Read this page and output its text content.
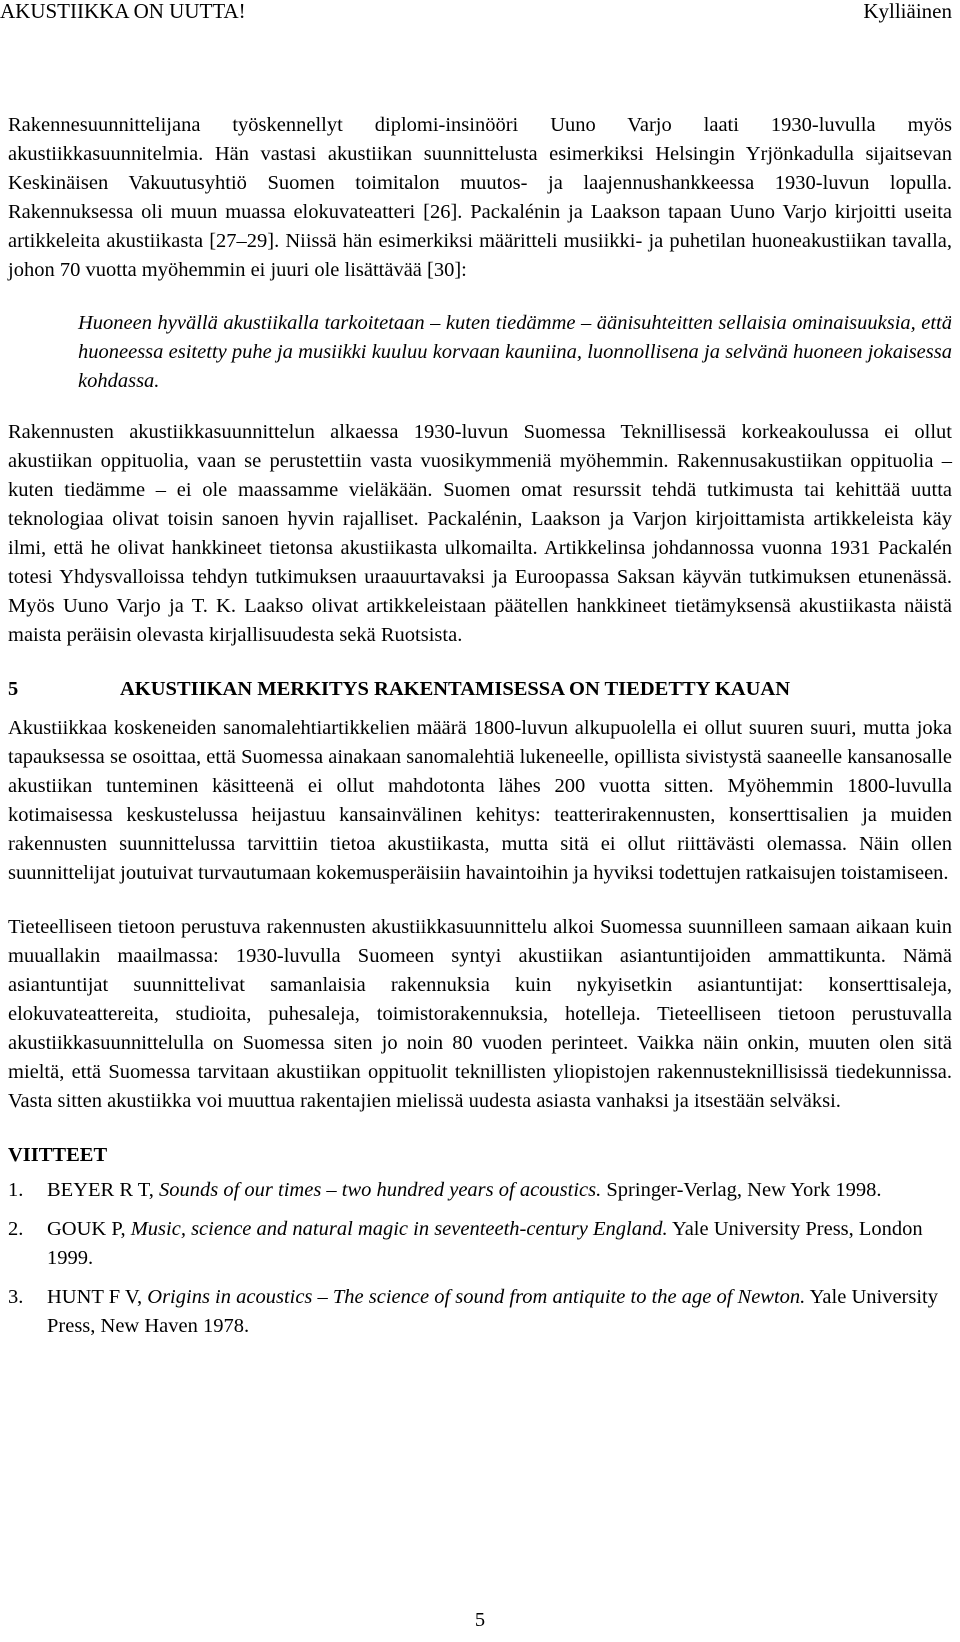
AKUSTIIKKA ON UUTTA!	Kylliäinen

Rakennesuunnittelijana työskennellyt diplomi-insinööri Uuno Varjo laati 1930-luvulla myös akustiikkasuunnitelmia. Hän vastasi akustiikan suunnittelusta esimerkiksi Helsingin Yrjönkadulla sijaitsevan Keskinäisen Vakuutusyhtiö Suomen toimitalon muutos- ja laajennushankkeessa 1930-luvun lopulla. Rakennuksessa oli muun muassa elokuvateatteri [26]. Packalénin ja Laakson tapaan Uuno Varjo kirjoitti useita artikkeleita akustiikasta [27–29]. Niissä hän esimerkiksi määritteli musiikki- ja puhetilan huoneakustiikan tavalla, johon 70 vuotta myöhemmin ei juuri ole lisättävää [30]:

Huoneen hyvällä akustiikalla tarkoitetaan – kuten tiedämme – äänisuhteitten sellaisia ominaisuuksia, että huoneessa esitetty puhe ja musiikki kuuluu korvaan kauniina, luonnollisena ja selvänä huoneen jokaisessa kohdassa.

Rakennusten akustiikkasuunnittelun alkaessa 1930-luvun Suomessa Teknillisessä korkeakoulussa ei ollut akustiikan oppituolia, vaan se perustettiin vasta vuosikymmeniä myöhemmin. Rakennusakustiikan oppituolia – kuten tiedämme – ei ole maassamme vieläkään. Suomen omat resurssit tehdä tutkimusta tai kehittää uutta teknologiaa olivat toisin sanoen hyvin rajalliset. Packalénin, Laakson ja Varjon kirjoittamista artikkeleista käy ilmi, että he olivat hankkineet tietonsa akustiikasta ulkomailta. Artikkelinsa johdannossa vuonna 1931 Packalén totesi Yhdysvalloissa tehdyn tutkimuksen uraauurtavaksi ja Euroopassa Saksan käyvän tutkimuksen etunenässä. Myös Uuno Varjo ja T. K. Laakso olivat artikkeleistaan päätellen hankkineet tietämyksensä akustiikasta näistä maista peräisin olevasta kirjallisuudesta sekä Ruotsista.

5	AKUSTIIKAN MERKITYS RAKENTAMISESSA ON TIEDETTY KAUAN

Akustiikkaa koskeneiden sanomalehtiartikkelien määrä 1800-luvun alkupuolella ei ollut suuren suuri, mutta joka tapauksessa se osoittaa, että Suomessa ainakaan sanomalehtiä lukeneelle, opillista sivistystä saaneelle kansanosalle akustiikan tunteminen käsitteenä ei ollut mahdotonta lähes 200 vuotta sitten. Myöhemmin 1800-luvulla kotimaisessa keskustelussa heijastuu kansainvälinen kehitys: teatterirakennusten, konserttisalien ja muiden rakennusten suunnittelussa tarvittiin tietoa akustiikasta, mutta sitä ei ollut riittävästi olemassa. Näin ollen suunnittelijat joutuivat turvautumaan kokemusperäisiin havaintoihin ja hyviksi todettujen ratkaisujen toistamiseen.

Tieteelliseen tietoon perustuva rakennusten akustiikkasuunnittelu alkoi Suomessa suunnilleen samaan aikaan kuin muuallakin maailmassa: 1930-luvulla Suomeen syntyi akustiikan asiantuntijoiden ammattikunta. Nämä asiantuntijat suunnittelivat samanlaisia rakennuksia kuin nykyisetkin asiantuntijat: konserttisaleja, elokuvateattereita, studioita, puhesaleja, toimistorakennuksia, hotelleja. Tieteelliseen tietoon perustuvalla akustiikkasuunnittelulla on Suomessa siten jo noin 80 vuoden perinteet. Vaikka näin onkin, muuten olen sitä mieltä, että Suomessa tarvitaan akustiikan oppituolit teknillisten yliopistojen rakennusteknillisissä tiedekunnissa. Vasta sitten akustiikka voi muuttua rakentajien mielissä uudesta asiasta vanhaksi ja itsestään selväksi.

VIITTEET
1.	BEYER R T, Sounds of our times – two hundred years of acoustics. Springer-Verlag, New York 1998.
2.	GOUK P, Music, science and natural magic in seventeeth-century England. Yale University Press, London 1999.
3.	HUNT F V, Origins in acoustics – The science of sound from antiquite to the age of Newton. Yale University Press, New Haven 1978.
5
